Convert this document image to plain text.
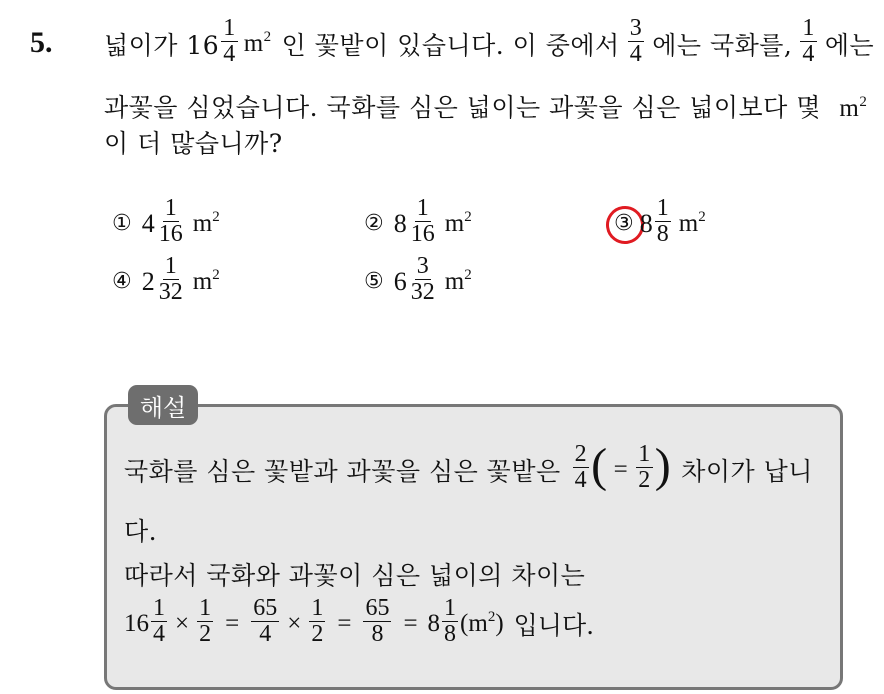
5. 넓이가 $16 \frac{1}{4} m^2$ 인 꽃밭이 있습니다. 이 중에서 $\frac{3}{4}$ 에는 국화를, $\frac{1}{4}$ 에는
과꽃을 심었습니다. 국화를 심은 넓이는 과꽃을 심은 넓이보다 몇 $m^2$
이 더 많습니까?
① $4 \frac{1}{16} m^2$	② $8 \frac{1}{16} m^2$	③ $8 \frac{1}{8} m^2$
④ $2 \frac{1}{32} m^2$	⑤ $6 \frac{3}{32} m^2$
해설
국화를 심은 꽃밭과 과꽃을 심은 꽃밭은 $\frac{2}{4}$ ( = $\frac{1}{2}$ ) 차이가 납니
다.
따라서 국화와 과꽃이 심은 넓이의 차이는
$16 \frac{1}{4} \times \frac{1}{2} = \frac{65}{4} \times \frac{1}{2} = \frac{65}{8} = 8 \frac{1}{8} (m^2)$ 입니다.
